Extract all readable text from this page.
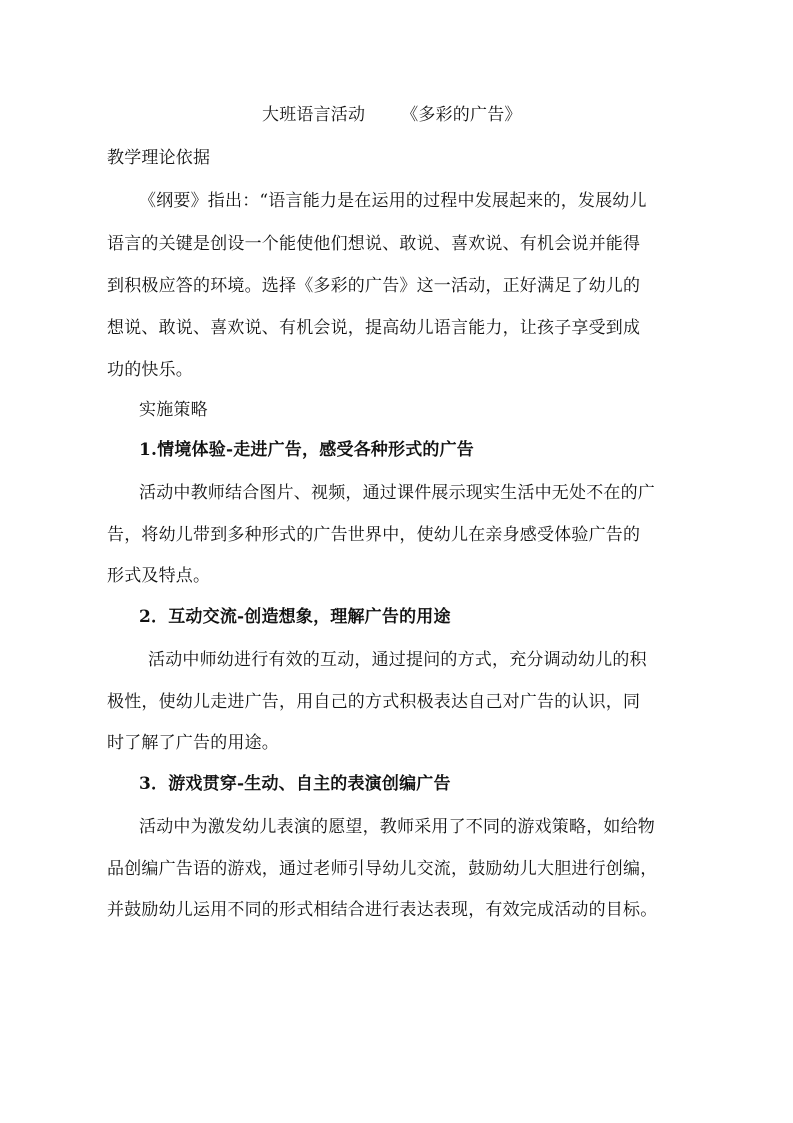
大班语言活动 《多彩的广告》
教学理论依据
《纲要》指出：“语言能力是在运用的过程中发展起来的，发展幼儿
语言的关键是创设一个能使他们想说、敢说、喜欢说、有机会说并能得
到积极应答的环境。选择《多彩的广告》这一活动，正好满足了幼儿的
想说、敢说、喜欢说、有机会说，提高幼儿语言能力，让孩子享受到成
功的快乐。
实施策略
1.情境体验-走进广告，感受各种形式的广告
活动中教师结合图片、视频，通过课件展示现实生活中无处不在的广
告，将幼儿带到多种形式的广告世界中，使幼儿在亲身感受体验广告的
形式及特点。
2．互动交流-创造想象，理解广告的用途
活动中师幼进行有效的互动，通过提问的方式，充分调动幼儿的积
极性，使幼儿走进广告，用自己的方式积极表达自己对广告的认识，同
时了解了广告的用途。
3．游戏贯穿-生动、自主的表演创编广告
活动中为激发幼儿表演的愿望，教师采用了不同的游戏策略，如给物
品创编广告语的游戏，通过老师引导幼儿交流，鼓励幼儿大胆进行创编，
并鼓励幼儿运用不同的形式相结合进行表达表现，有效完成活动的目标。
